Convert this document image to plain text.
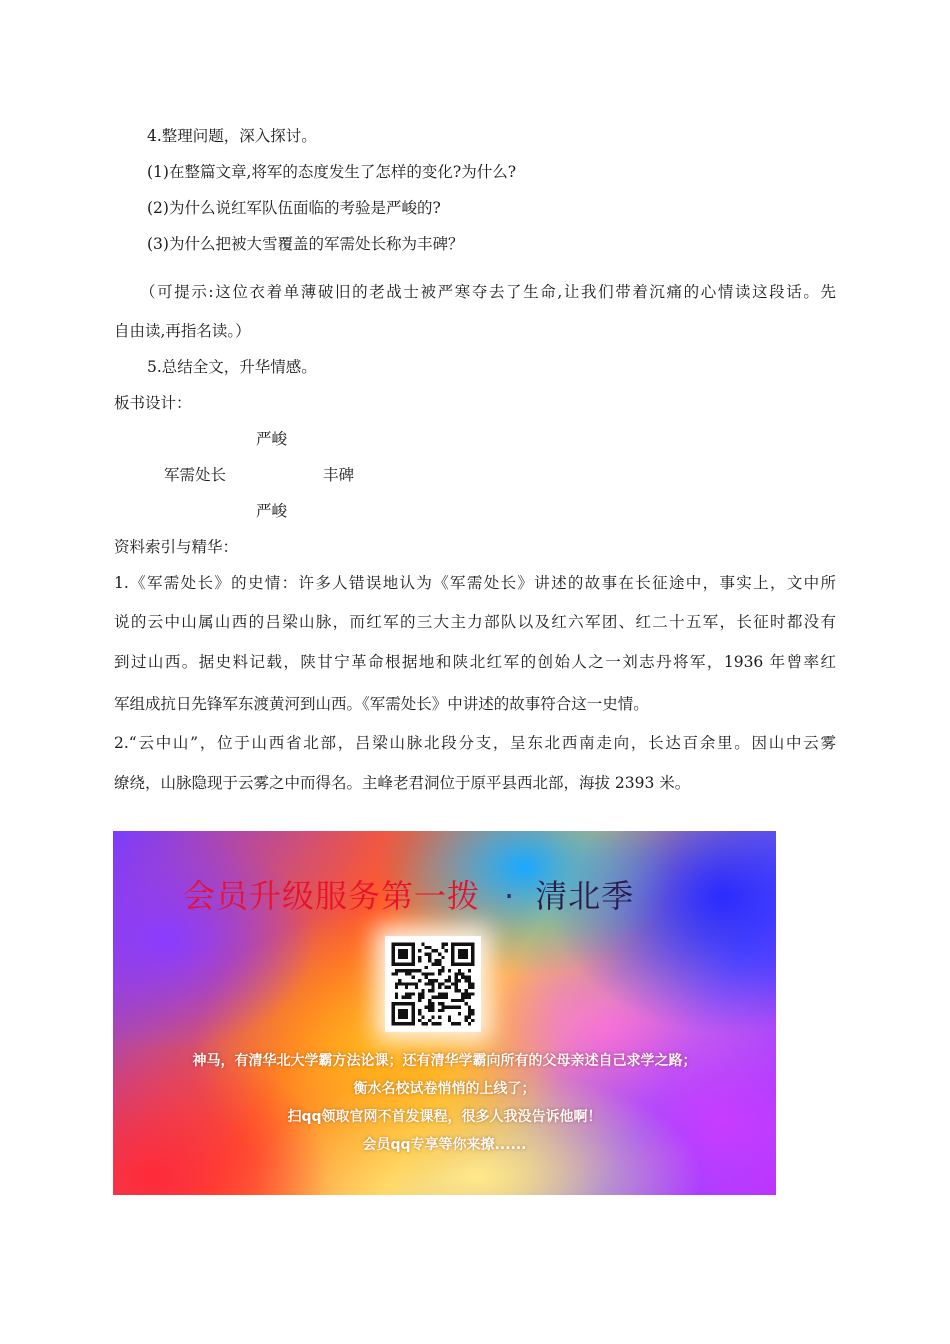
4.整理问题，深入探讨。
(1)在整篇文章,将军的态度发生了怎样的变化?为什么?
(2)为什么说红军队伍面临的考验是严峻的?
(3)为什么把被大雪覆盖的军需处长称为丰碑？
（可提示:这位衣着单薄破旧的老战士被严寒夺去了生命,让我们带着沉痛的心情读这段话。先
自由读,再指名读。）
5.总结全文，升华情感。
板书设计：
严峻
军需处长	丰碑
严峻
资料索引与精华：
1.《军需处长》的史情：许多人错误地认为《军需处长》讲述的故事在长征途中，事实上，文中所
说的云中山属山西的吕梁山脉，而红军的三大主力部队以及红六军团、红二十五军，长征时都没有
到过山西。据史料记载，陕甘宁革命根据地和陕北红军的创始人之一刘志丹将军，1936 年曾率红
军组成抗日先锋军东渡黄河到山西。《军需处长》中讲述的故事符合这一史情。
2.“云中山”，位于山西省北部，吕梁山脉北段分支，呈东北西南走向，长达百余里。因山中云雾
缭绕，山脉隐现于云雾之中而得名。主峰老君洞位于原平县西北部，海拔 2393 米。
会员升级服务第一拨 · 清北季
神马，有清华北大学霸方法论课；还有清华学霸向所有的父母亲述自己求学之路；
衡水名校试卷悄悄的上线了；
扫qq领取官网不首发课程，很多人我没告诉他啊！
会员qq专享等你来撩......
